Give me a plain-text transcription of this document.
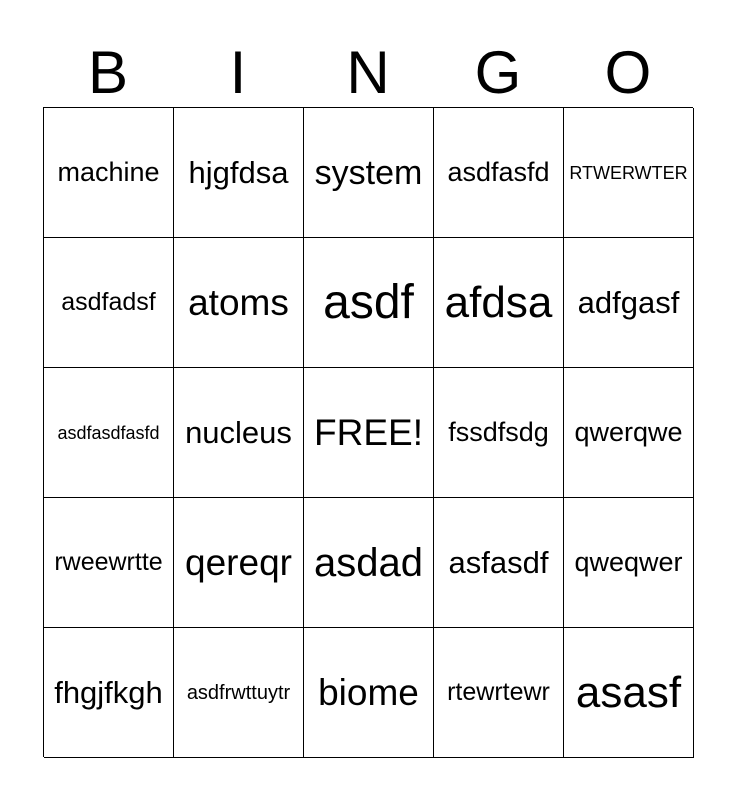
B	I	N	G	O
machine hjgfdsa system asdfasfd	RTWERWTER
asdfadsf atoms asdf afdsa adfgasf
asdfasdfasfd nucleus FREE! fssdfsdg qwerqwe
rweewrtte qereqr asdad asfasdf qweqwer
fhgjfkgh	asdfrwttuytr biome	rtewrtewr asasf
